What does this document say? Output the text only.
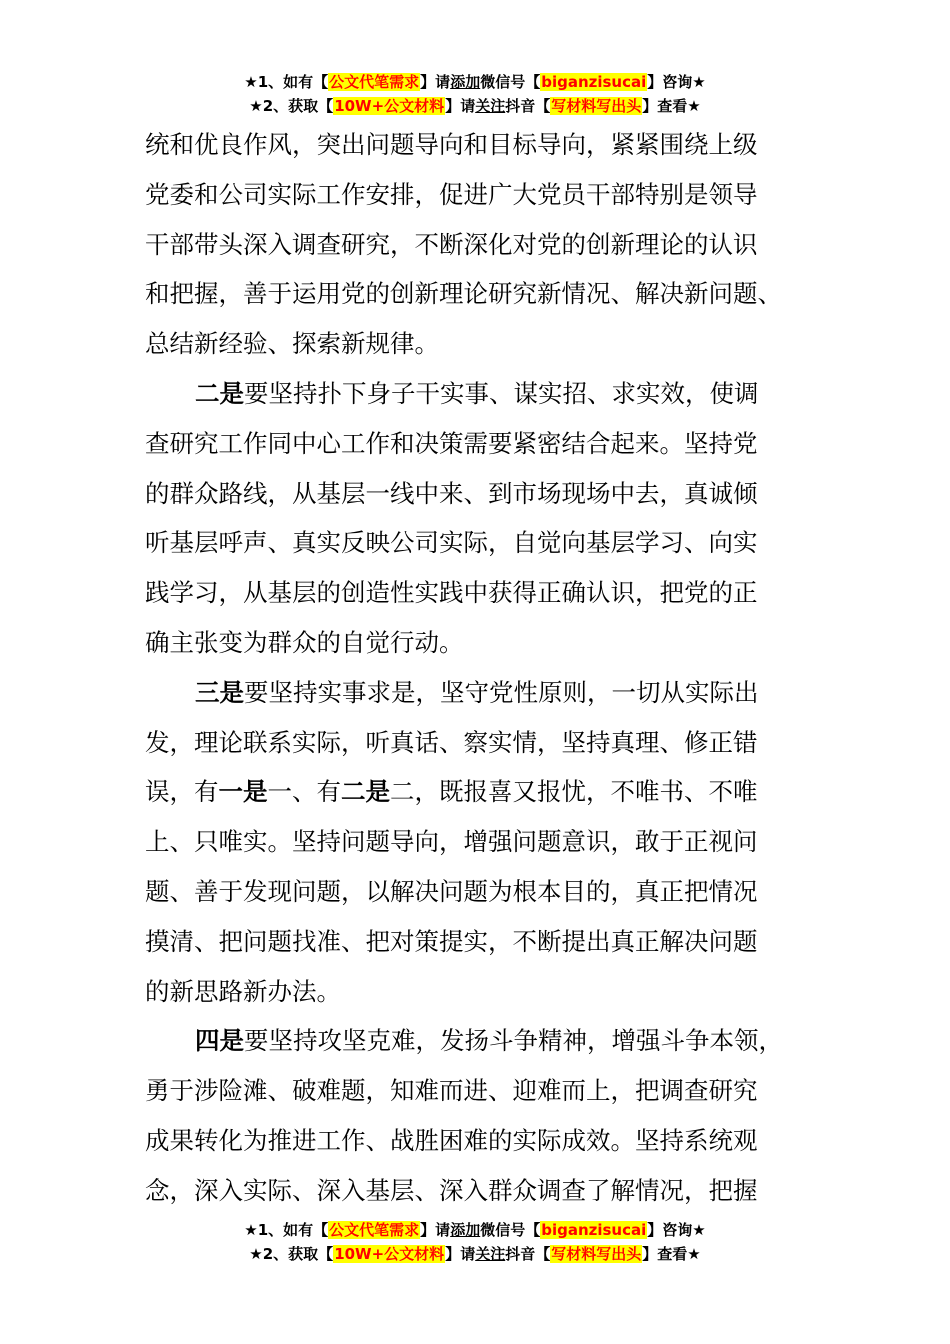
★1、如有【公文代笔需求】请添加微信号【biganzisucai】咨询★
★2、获取【10W+公文材料】请关注抖音【写材料写出头】查看★
统和优良作风，突出问题导向和目标导向，紧紧围绕上级
党委和公司实际工作安排，促进广大党员干部特别是领导
干部带头深入调查研究，不断深化对党的创新理论的认识
和把握，善于运用党的创新理论研究新情况、解决新问题、
总结新经验、探索新规律。
二是要坚持扑下身子干实事、谋实招、求实效，使调
查研究工作同中心工作和决策需要紧密结合起来。坚持党
的群众路线，从基层一线中来、到市场现场中去，真诚倾
听基层呼声、真实反映公司实际，自觉向基层学习、向实
践学习，从基层的创造性实践中获得正确认识，把党的正
确主张变为群众的自觉行动。
三是要坚持实事求是，坚守党性原则，一切从实际出
发，理论联系实际，听真话、察实情，坚持真理、修正错
误，有一是一、有二是二，既报喜又报忧，不唯书、不唯
上、只唯实。坚持问题导向，增强问题意识，敢于正视问
题、善于发现问题，以解决问题为根本目的，真正把情况
摸清、把问题找准、把对策提实，不断提出真正解决问题
的新思路新办法。
四是要坚持攻坚克难，发扬斗争精神，增强斗争本领，
勇于涉险滩、破难题，知难而进、迎难而上，把调查研究
成果转化为推进工作、战胜困难的实际成效。坚持系统观
念，深入实际、深入基层、深入群众调查了解情况，把握
★1、如有【公文代笔需求】请添加微信号【biganzisucai】咨询★
★2、获取【10W+公文材料】请关注抖音【写材料写出头】查看★
